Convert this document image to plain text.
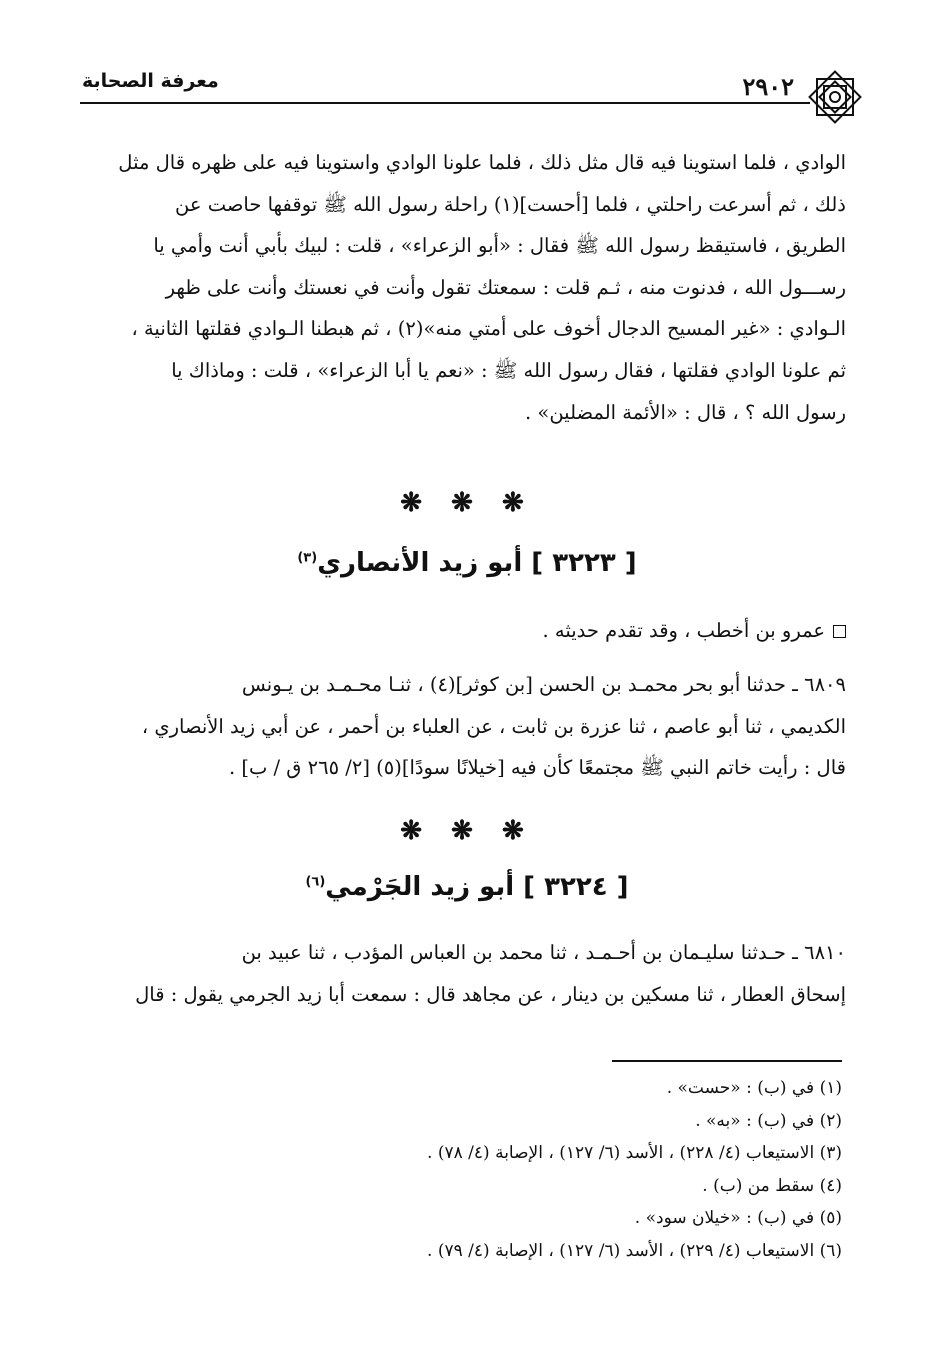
٢٩٠٢
معرفة الصحابة
الوادي ، فلما استوينا فيه قال مثل ذلك ، فلما علونا الوادي واستوينا فيه على ظهره قال مثل
ذلك ، ثم أسرعت راحلتي ، فلما [أحست](١) راحلة رسول الله ﷺ توقفها حاصت عن
الطريق ، فاستيقظ رسول الله ﷺ فقال : «أبو الزعراء» ، قلت : لبيك بأبي أنت وأمي يا
رســـول الله ، فدنوت منه ، ثـم قلت : سمعتك تقول وأنت في نعستك وأنت على ظهر
الـوادي : «غير المسيح الدجال أخوف على أمتي منه»(٢) ، ثم هبطنا الـوادي فقلتها الثانية ،
ثم علونا الوادي فقلتها ، فقال رسول الله ﷺ : «نعم يا أبا الزعراء» ، قلت : وماذاك يا
رسول الله ؟ ، قال : «الأئمة المضلين» .
❋ ❋ ❋
[ ٣٢٢٣ ] أبو زيد الأنصاري$^{(٣)}$
عمرو بن أخطب ، وقد تقدم حديثه .
٦٨٠٩ ـ حدثنا أبو بحر محمـد بن الحسن [بن كوثر](٤) ، ثنـا محـمـد بن يـونس
الكديمي ، ثنا أبو عاصم ، ثنا عزرة بن ثابت ، عن العلباء بن أحمر ، عن أبي زيد الأنصاري ،
قال : رأيت خاتم النبي ﷺ مجتمعًا كأن فيه [خيلانًا سودًا](٥) [٢/ ٢٦٥ ق / ب] .
❋ ❋ ❋
[ ٣٢٢٤ ] أبو زيد الجَرْمي$^{(٦)}$
٦٨١٠ ـ حـدثنا سليـمان بن أحـمـد ، ثنا محمد بن العباس المؤدب ، ثنا عبيد بن
إسحاق العطار ، ثنا مسكين بن دينار ، عن مجاهد قال : سمعت أبا زيد الجرمي يقول : قال
(١) في (ب) : «حست» .
(٢) في (ب) : «به» .
(٣) الاستيعاب (٤/ ٢٢٨) ، الأسد (٦/ ١٢٧) ، الإصابة (٤/ ٧٨) .
(٤) سقط من (ب) .
(٥) في (ب) : «خيلان سود» .
(٦) الاستيعاب (٤/ ٢٢٩) ، الأسد (٦/ ١٢٧) ، الإصابة (٤/ ٧٩) .
